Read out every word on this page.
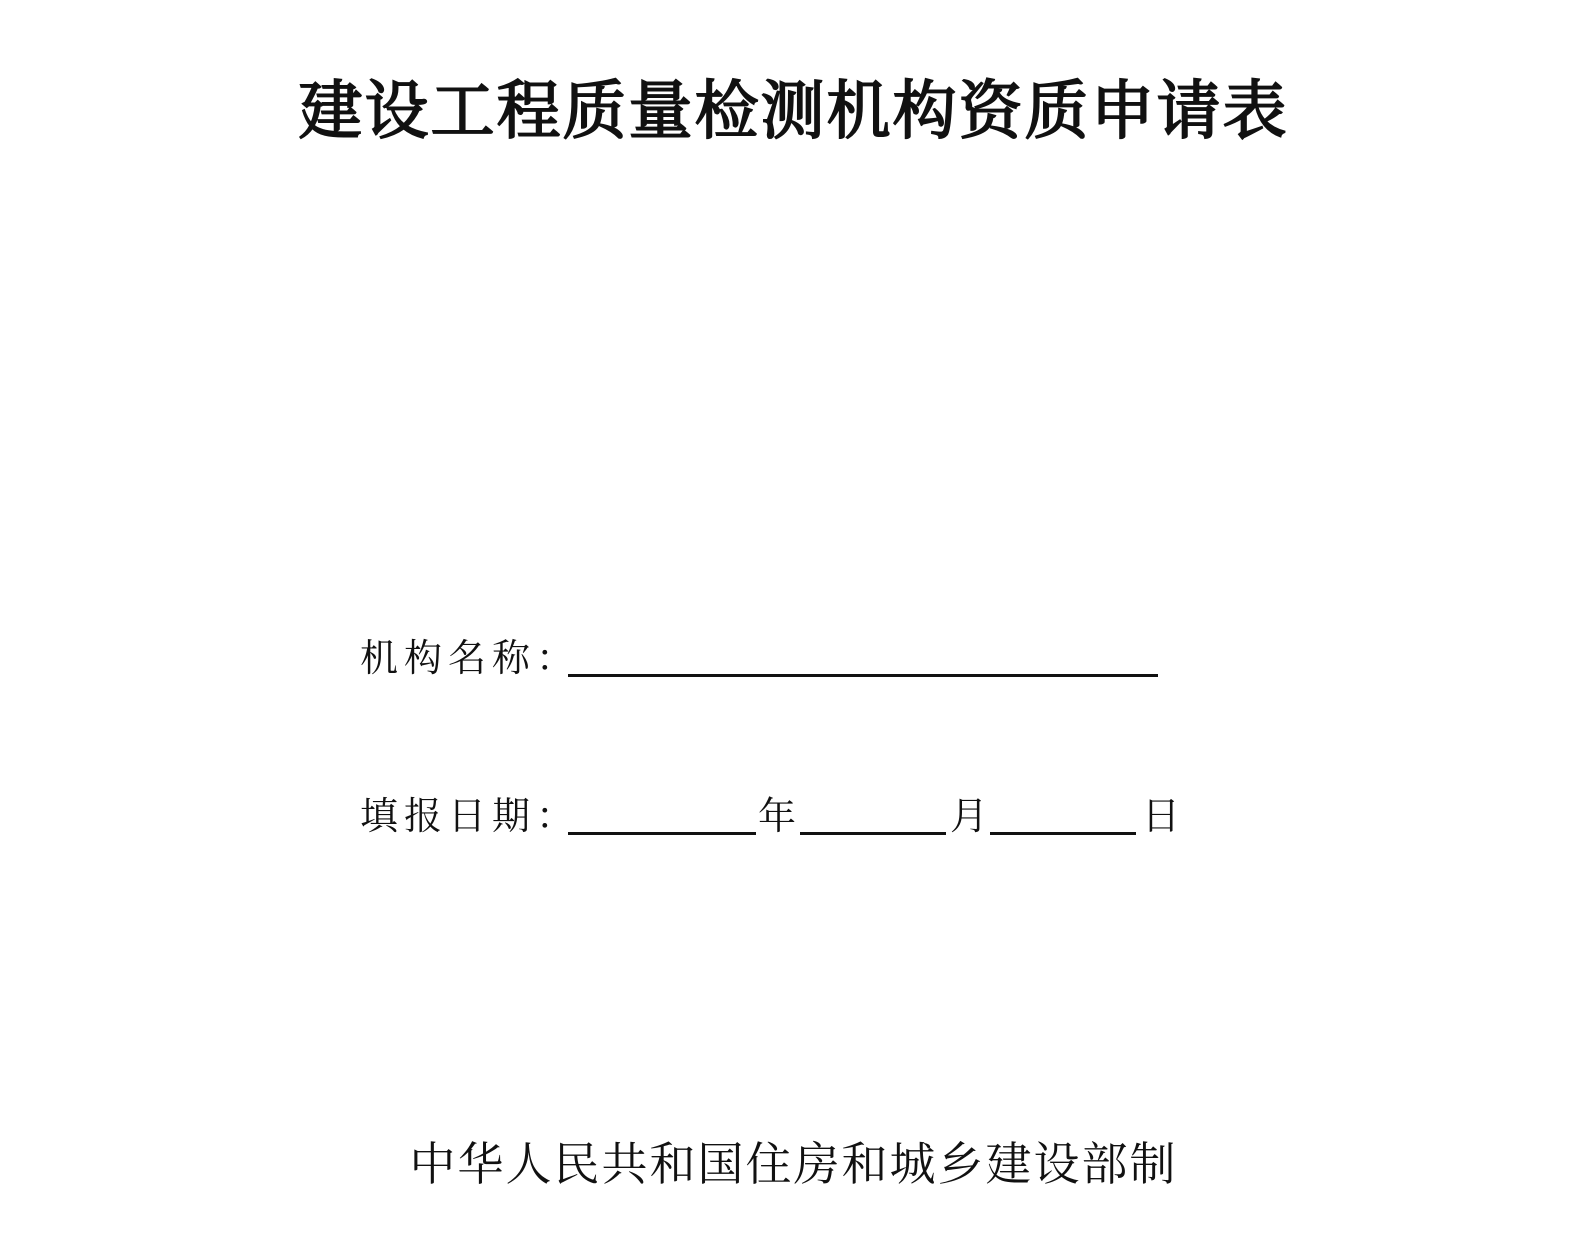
建设工程质量检测机构资质申请表
机构名称：
填报日期：	年	月	日
中华人民共和国住房和城乡建设部制
